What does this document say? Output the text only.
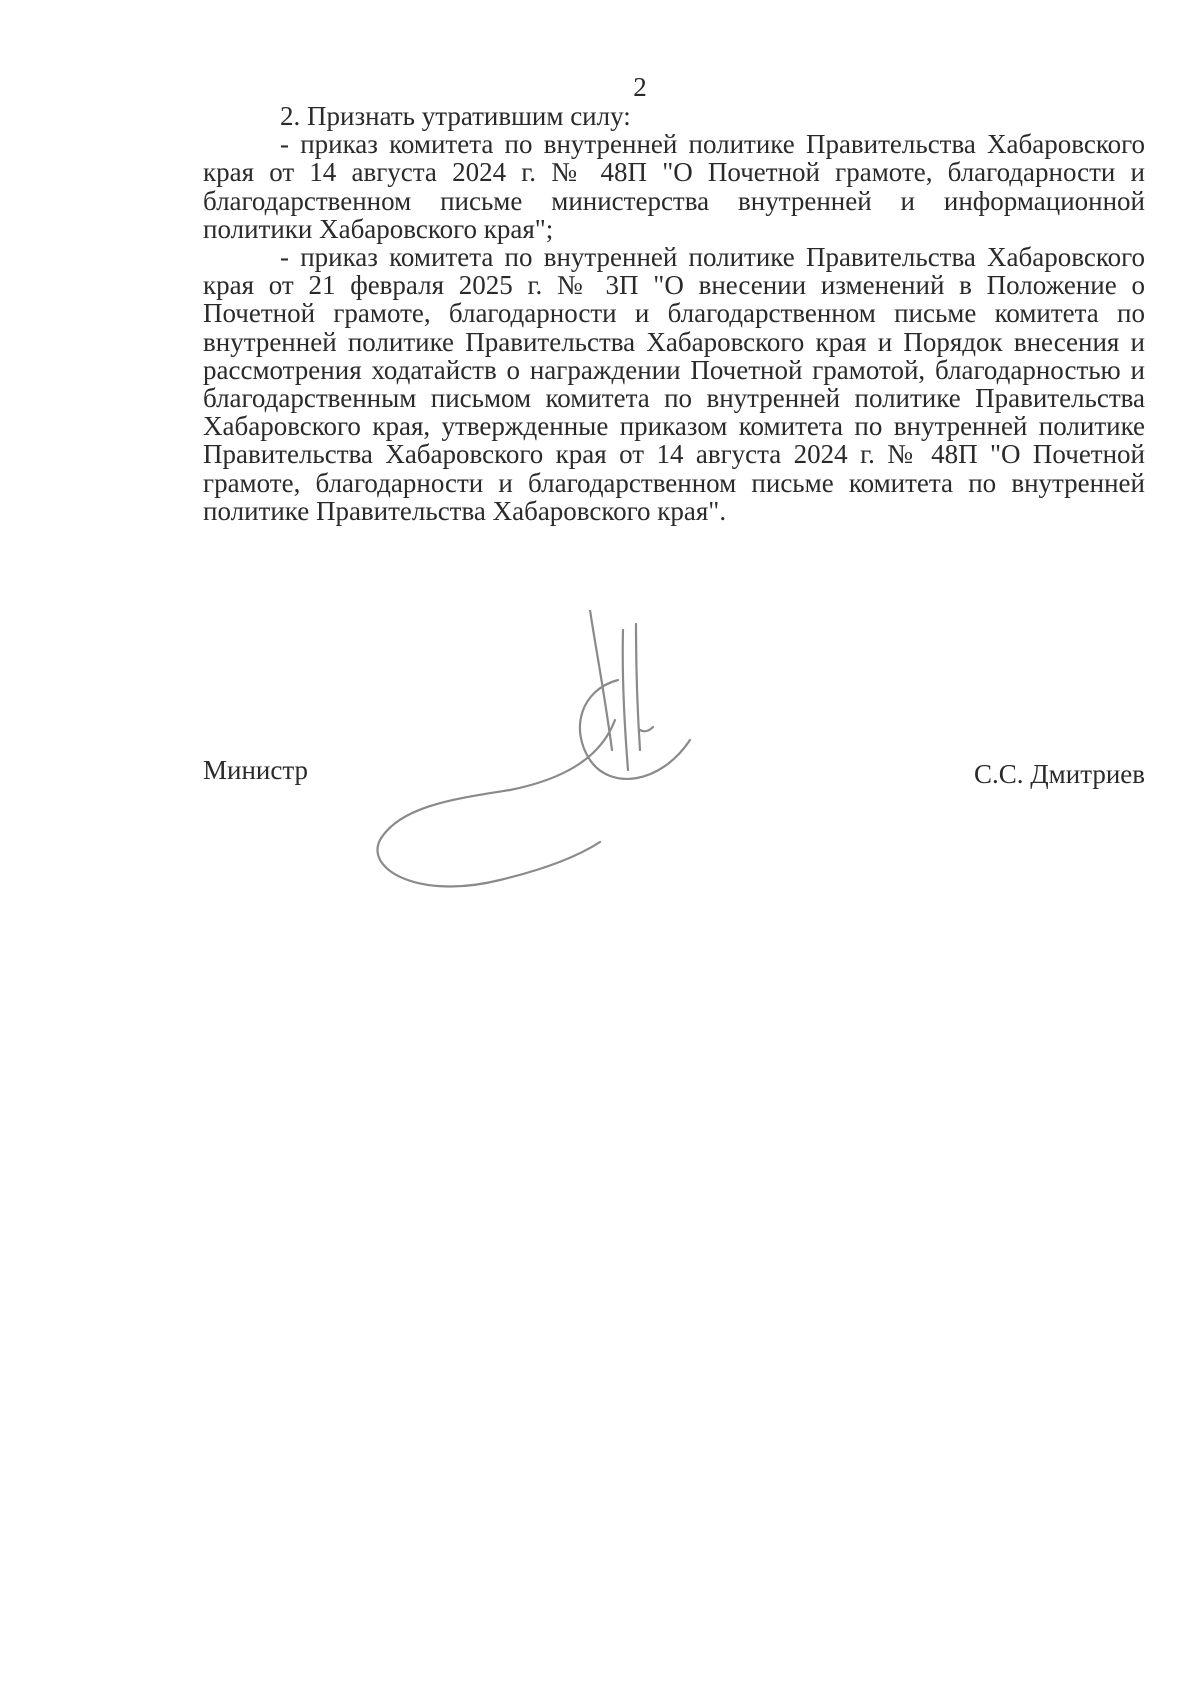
2

2. Признать утратившим силу:

- приказ комитета по внутренней политике Правительства Хабаровского края от 14 августа 2024 г. № 48П "О Почетной грамоте, благодарности и благодарственном письме министерства внутренней и информационной политики Хабаровского края";

- приказ комитета по внутренней политике Правительства Хабаровского края от 21 февраля 2025 г. № 3П "О внесении изменений в Положение о Почетной грамоте, благодарности и благодарственном письме комитета по внутренней политике Правительства Хабаровского края и Порядок внесения и рассмотрения ходатайств о награждении Почетной грамотой, благодарностью и благодарственным письмом комитета по внутренней политике Правительства Хабаровского края, утвержденные приказом комитета по внутренней политике Правительства Хабаровского края от 14 августа 2024 г. № 48П "О Почетной грамоте, благодарности и благодарственном письме комитета по внутренней политике Правительства Хабаровского края".

Министр	С.С. Дмитриев
